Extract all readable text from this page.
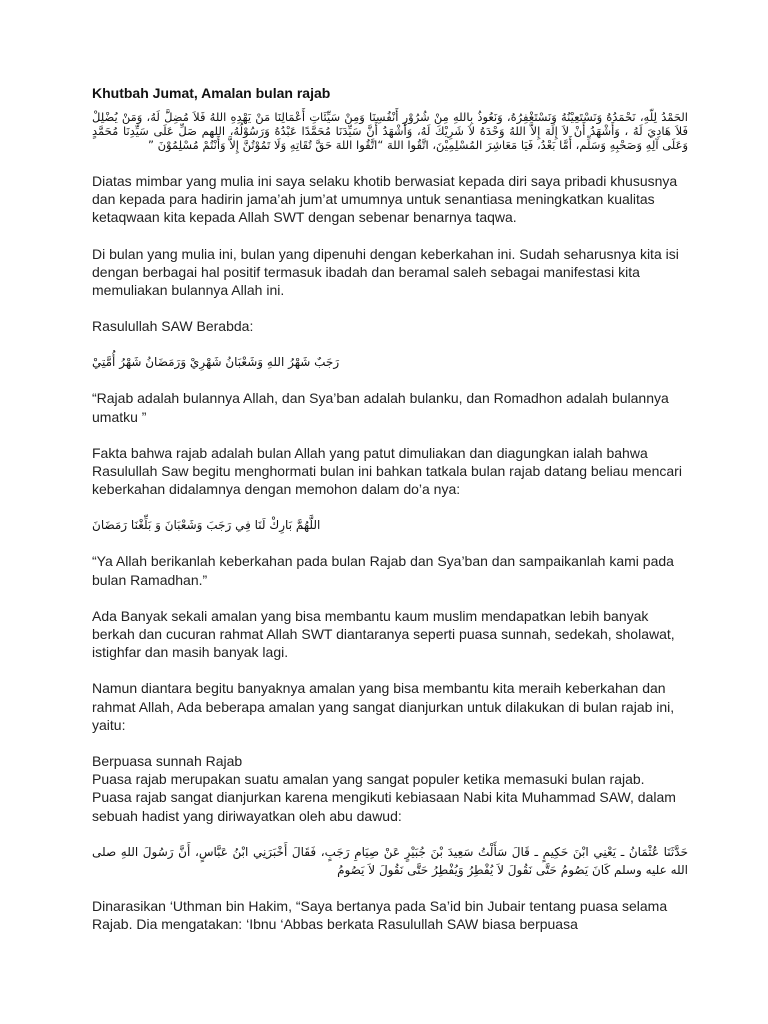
Khutbah Jumat, Amalan bulan rajab
الحَمْدُ لِلّهِ، نَحْمَدُهُ وَنَسْتَعِيْنُهُ وَنَسْتَغْفِرُهُ، وَنَعُوذُ بِاللهِ مِنْ شُرُوْرِ أَنْفُسِنَا وَمِنْ سَيِّئَاتِ أَعْمَالِنَا مَنْ يَهْدِهِ اللهُ فَلاَ مُضِلَّ لَهُ، وَمَنْ يُضْلِلْ فَلاَ هَادِيَ لَهُ ، وَأَشْهَدُ أَنْ لاَ إِلَهَ إِلاَّ اللهُ وَحْدَهُ لاَ شَرِيْكَ لَهُ، وَأَشْهَدُ أَنَّ سَيِّدَنَا مُحَمَّدًا عَبْدُهُ وَرَسُوْلُهُ، اللهم صَلِّ عَلَى سَيِّدِنَا مُحَمَّدٍ وَعَلَى آلِهِ وَصَحْبِهِ وَسَلِّم، أَمَّا بَعْدُ، فَيَا مَعَاشِرَ المُسْلِمِيْنَ، اتَّقُوا اللهَ “اتَّقُوا اللهَ حَقَّ تُقَاتِهِ وَلَا تَمُوْتُنَّ إِلاَّ وَأَنْتُمْ مُسْلِمُوْنَ ”

Diatas mimbar yang mulia ini saya selaku khotib berwasiat kepada diri saya pribadi khususnya dan kepada para hadirin jama’ah jum’at umumnya untuk senantiasa meningkatkan kualitas ketaqwaan kita kepada Allah SWT dengan sebenar benarnya taqwa.

Di bulan yang mulia ini, bulan yang dipenuhi dengan keberkahan ini. Sudah seharusnya kita isi dengan berbagai hal positif termasuk ibadah dan beramal saleh sebagai manifestasi kita memuliakan bulannya Allah ini.

Rasulullah SAW Berabda:

رَجَبٌ شَهْرُ اللهِ وَشَعْبَانُ شَهْرِيْ وَرَمَضَانُ شَهْرُ أُمَّتِيْ

“Rajab adalah bulannya Allah, dan Sya’ban adalah bulanku, dan Romadhon adalah bulannya umatku ”

Fakta bahwa rajab adalah bulan Allah yang patut dimuliakan dan diagungkan ialah bahwa Rasulullah Saw begitu menghormati bulan ini bahkan tatkala bulan rajab datang beliau mencari keberkahan didalamnya dengan memohon dalam do’a nya:

اللَّهُمَّ بَارِكْ لَنَا فِي رَجَبَ وَشَعْبَانَ وَ بَلِّغْنَا رَمَضَانَ

“Ya Allah berikanlah keberkahan pada bulan Rajab dan Sya’ban dan sampaikanlah kami pada bulan Ramadhan.”

Ada Banyak sekali amalan yang bisa membantu kaum muslim mendapatkan lebih banyak berkah dan cucuran rahmat Allah SWT diantaranya seperti puasa sunnah, sedekah, sholawat, istighfar dan masih banyak lagi.

Namun diantara begitu banyaknya amalan yang bisa membantu kita meraih keberkahan dan rahmat Allah, Ada beberapa amalan yang sangat dianjurkan untuk dilakukan di bulan rajab ini, yaitu:

Berpuasa sunnah Rajab
Puasa rajab merupakan suatu amalan yang sangat populer ketika memasuki bulan rajab.
Puasa rajab sangat dianjurkan karena mengikuti kebiasaan Nabi kita Muhammad SAW, dalam sebuah hadist yang diriwayatkan oleh abu dawud:
حَدَّثَنَا عُثْمَانُ ـ يَعْنِي ابْنَ حَكِيمٍ ـ قَالَ سَأَلْتُ سَعِيدَ بْنَ جُبَيْرٍ عَنْ صِيَامِ رَجَبٍ، فَقَالَ أَخْبَرَنِي ابْنُ عَبَّاسٍ، أَنَّ رَسُولَ اللهِ صلى الله عليه وسلم كَانَ يَصُومُ حَتَّى نَقُولَ لاَ يُفْطِرُ وَيُفْطِرُ حَتَّى نَقُولَ لاَ يَصُومُ

Dinarasikan ‘Uthman bin Hakim, “Saya bertanya pada Sa’id bin Jubair tentang puasa selama Rajab. Dia mengatakan: ‘Ibnu ‘Abbas berkata Rasulullah SAW biasa berpuasa
